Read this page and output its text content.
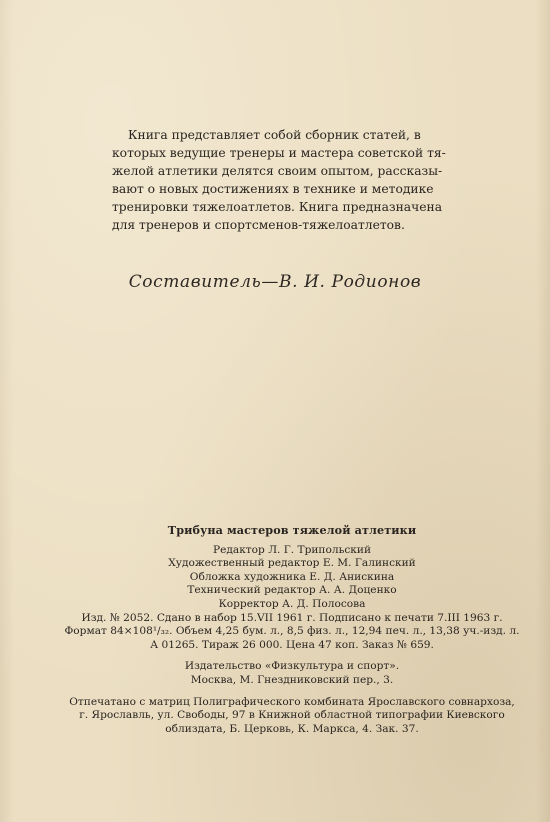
Книга представляет собой сборник статей, в

которых ведущие тренеры и мастера советской тя-

желой атлетики делятся своим опытом, рассказы-

вают о новых достижениях в технике и методике

тренировки тяжелоатлетов. Книга предназначена

для тренеров и спортсменов-тяжелоатлетов.

Составитель—В. И. Родионов
Трибуна мастеров тяжелой атлетики
Редактор Л. Г. Трипольский
Художественный редактор Е. М. Галинский
Обложка художника Е. Д. Анискина
Технический редактор А. А. Доценко
Корректор А. Д. Полосова
Изд. № 2052. Сдано в набор 15.VII 1961 г. Подписано к печати 7.III 1963 г.
Формат 84×108¹/₃₂. Объем 4,25 бум. л., 8,5 физ. л., 12,94 печ. л., 13,38 уч.-изд. л.
А 01265. Тираж 26 000. Цена 47 коп. Заказ № 659.
Издательство «Физкультура и спорт».
Москва, М. Гнездниковский пер., 3.
Отпечатано с матриц Полиграфического комбината Ярославского совнархоза,
г. Ярославль, ул. Свободы, 97 в Книжной областной типографии Киевского
облиздата, Б. Церковь, К. Маркса, 4. Зак. 37.
